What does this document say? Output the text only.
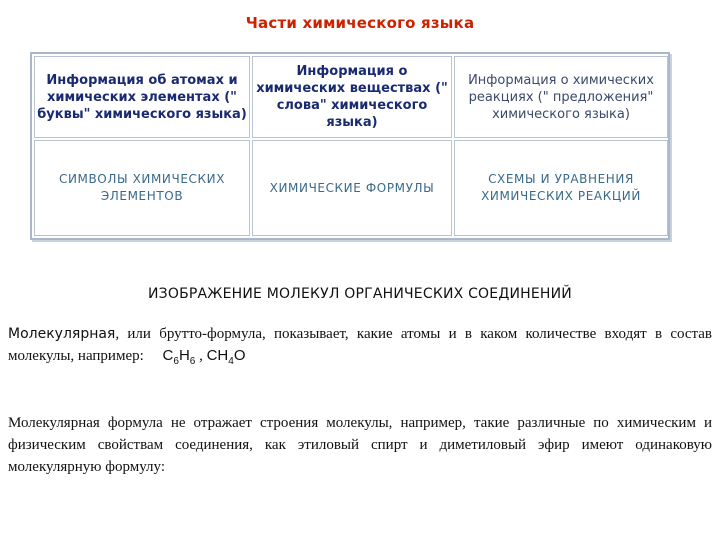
Части химического языка
Информация об атомах и химических элементах (" буквы" химического языка)
Информация о химических веществах (" слова" химического языка)
Информация о химических реакциях (" предложения" химического языка)
СИМВОЛЫ ХИМИЧЕСКИХ ЭЛЕМЕНТОВ
ХИМИЧЕСКИЕ ФОРМУЛЫ
СХЕМЫ И УРАВНЕНИЯ ХИМИЧЕСКИХ РЕАКЦИЙ
ИЗОБРАЖЕНИЕ МОЛЕКУЛ ОРГАНИЧЕСКИХ СОЕДИНЕНИЙ
Молекулярная, или брутто-формула, показывает, какие атомы и в каком количестве входят в состав молекулы, например: $C_6H_6$ , $CH_4O$
Молекулярная формула не отражает строения молекулы, например, такие различные по химическим и физическим свойствам соединения, как этиловый спирт и диметиловый эфир имеют одинаковую молекулярную формулу:
